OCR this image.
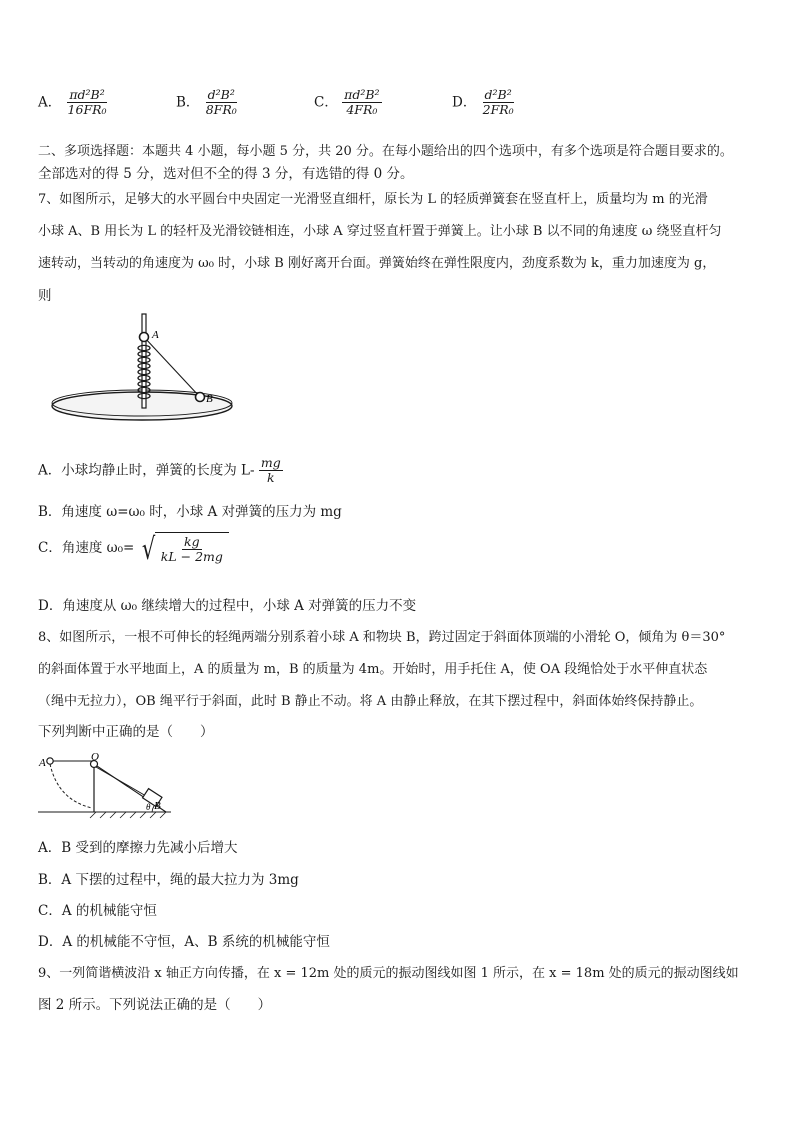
A． $\frac{\text{πd²B²}}{\text{16FR₀}}$	B． $\frac{\text{d²B²}}{\text{8FR₀}}$	C． $\frac{\text{πd²B²}}{\text{4FR₀}}$	D． $\frac{\text{d²B²}}{\text{2FR₀}}$
二、多项选择题：本题共 4 小题，每小题 5 分，共 20 分。在每小题给出的四个选项中，有多个选项是符合题目要求的。
全部选对的得 5 分，选对但不全的得 3 分，有选错的得 0 分。
7、如图所示，足够大的水平圆台中央固定一光滑竖直细杆，原长为 L 的轻质弹簧套在竖直杆上，质量均为 m 的光滑
小球 A、B 用长为 L 的轻杆及光滑铰链相连，小球 A 穿过竖直杆置于弹簧上。让小球 B 以不同的角速度 ω 绕竖直杆匀
速转动，当转动的角速度为 ω₀ 时，小球 B 刚好离开台面。弹簧始终在弹性限度内，劲度系数为 k，重力加速度为 g，
则
A
B
A．小球均静止时，弹簧的长度为 $L- \frac{mg}{k}$
B．角速度 ω=ω₀ 时，小球 A 对弹簧的压力为 mg
C．角速度 ω₀= √ $\frac{kg}{kL - 2mg}$
D．角速度从 ω₀ 继续增大的过程中，小球 A 对弹簧的压力不变
8、如图所示，一根不可伸长的轻绳两端分别系着小球 A 和物块 B，跨过固定于斜面体顶端的小滑轮 O，倾角为 θ＝30°
的斜面体置于水平地面上，A 的质量为 m，B 的质量为 4m。开始时，用手托住 A，使 OA 段绳恰处于水平伸直状态
（绳中无拉力），OB 绳平行于斜面，此时 B 静止不动。将 A 由静止释放，在其下摆过程中，斜面体始终保持静止。
下列判断中正确的是（　　）
A	O
B
θ
A．B 受到的摩擦力先减小后增大
B．A 下摆的过程中，绳的最大拉力为 3mg
C．A 的机械能守恒
D．A 的机械能不守恒，A、B 系统的机械能守恒
9、一列简谐横波沿 x 轴正方向传播，在 x = 12m 处的质元的振动图线如图 1 所示，在 x = 18m 处的质元的振动图线如
图 2 所示。下列说法正确的是（　　）
